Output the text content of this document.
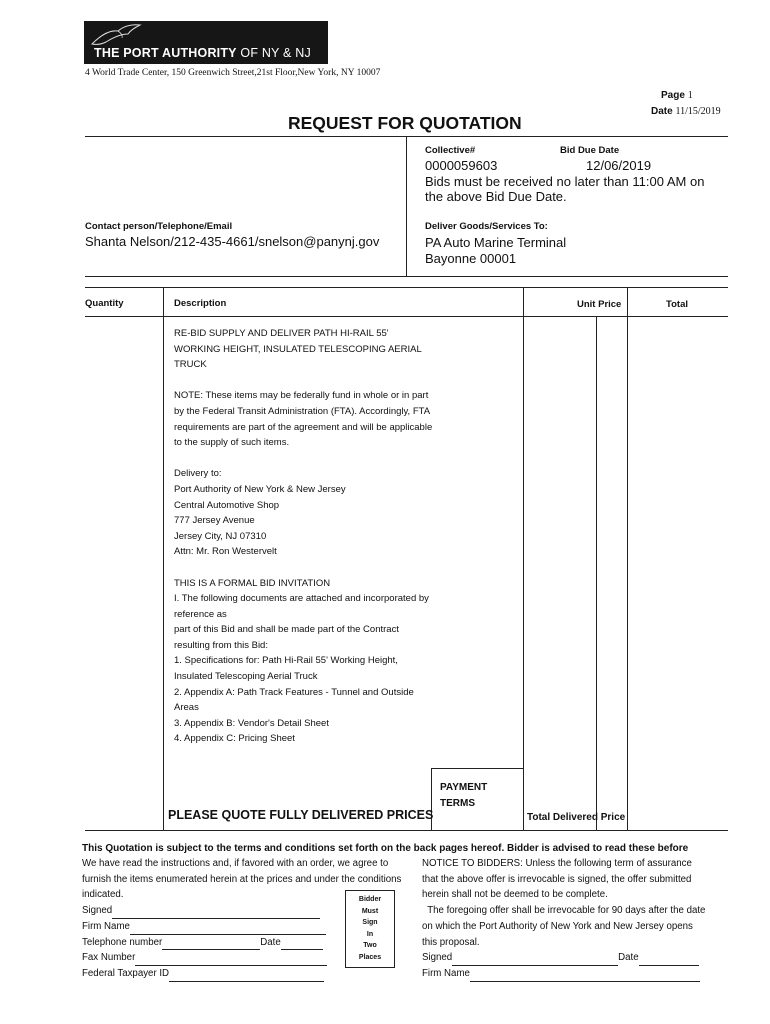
THE PORT AUTHORITY OF NY & NJ
4 World Trade Center, 150 Greenwich Street,21st Floor,New York, NY 10007
Page 1
Date 11/15/2019
REQUEST FOR QUOTATION
Collective#	Bid Due Date
0000059603	12/06/2019
Bids must be received no later than 11:00 AM on
the above Bid Due Date.
Contact person/Telephone/Email
Shanta Nelson/212-435-4661/snelson@panynj.gov
Deliver Goods/Services To:
PA Auto Marine Terminal
Bayonne 00001
Quantity	Description	Unit Price	Total

RE-BID SUPPLY AND DELIVER PATH HI-RAIL 55'
WORKING HEIGHT, INSULATED TELESCOPING AERIAL
TRUCK

NOTE: These items may be federally fund in whole or in part
by the Federal Transit Administration (FTA). Accordingly, FTA
requirements are part of the agreement and will be applicable
to the supply of such items.

Delivery to:
Port Authority of New York & New Jersey
Central Automotive Shop
777 Jersey Avenue
Jersey City, NJ 07310
Attn: Mr. Ron Westervelt

THIS IS A FORMAL BID INVITATION
I. The following documents are attached and incorporated by
reference as
part of this Bid and shall be made part of the Contract
resulting from this Bid:
1. Specifications for: Path Hi-Rail 55' Working Height,
Insulated Telescoping Aerial Truck
2. Appendix A: Path Track Features - Tunnel and Outside
Areas
3. Appendix B: Vendor's Detail Sheet
4. Appendix C: Pricing Sheet

PAYMENT
TERMS
PLEASE QUOTE FULLY DELIVERED PRICES	Total Delivered Price
This Quotation is subject to the terms and conditions set forth on the back pages hereof. Bidder is advised to read these before
We have read the instructions and, if favored with an order, we agree to
furnish the items enumerated herein at the prices and under the conditions
indicated.
Signed
Firm Name
Telephone number	Date
Fax Number
Federal Taxpayer ID
Bidder
Must
Sign
In
Two
Places
NOTICE TO BIDDERS: Unless the following term of assurance
that the above offer is irrevocable is signed, the offer submitted
herein shall not be deemed to be complete.
The foregoing offer shall be irrevocable for 90 days after the date
on which the Port Authority of New York and New Jersey opens
this proposal.
Signed	Date
Firm Name
